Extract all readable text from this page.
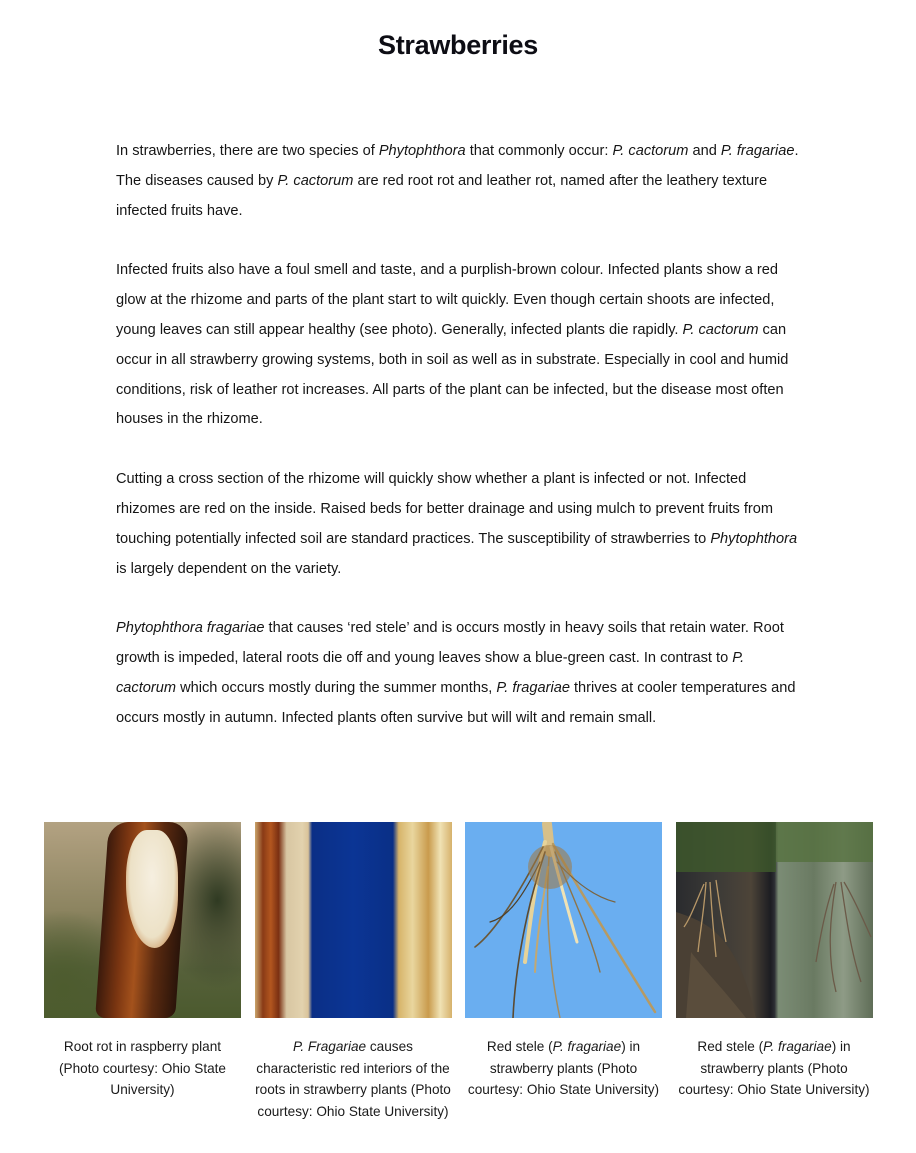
Strawberries

In strawberries, there are two species of Phytophthora that commonly occur: P. cactorum and P. fragariae. The diseases caused by P. cactorum are red root rot and leather rot, named after the leathery texture infected fruits have.

Infected fruits also have a foul smell and taste, and a purplish-brown colour. Infected plants show a red glow at the rhizome and parts of the plant start to wilt quickly. Even though certain shoots are infected, young leaves can still appear healthy (see photo). Generally, infected plants die rapidly. P. cactorum can occur in all strawberry growing systems, both in soil as well as in substrate. Especially in cool and humid conditions, risk of leather rot increases. All parts of the plant can be infected, but the disease most often houses in the rhizome.

Cutting a cross section of the rhizome will quickly show whether a plant is infected or not. Infected rhizomes are red on the inside. Raised beds for better drainage and using mulch to prevent fruits from touching potentially infected soil are standard practices. The susceptibility of strawberries to Phytophthora is largely dependent on the variety.

Phytophthora fragariae that causes ‘red stele’ and is occurs mostly in heavy soils that retain water. Root growth is impeded, lateral roots die off and young leaves show a blue-green cast. In contrast to P. cactorum which occurs mostly during the summer months, P. fragariae thrives at cooler temperatures and occurs mostly in autumn. Infected plants often survive but will wilt and remain small.

Root rot in raspberry plant (Photo courtesy: Ohio State University)
P. Fragariae causes characteristic red interiors of the roots in strawberry plants (Photo courtesy: Ohio State University)
Red stele (P. fragariae) in strawberry plants (Photo courtesy: Ohio State University)
Red stele (P. fragariae) in strawberry plants (Photo courtesy: Ohio State University)
